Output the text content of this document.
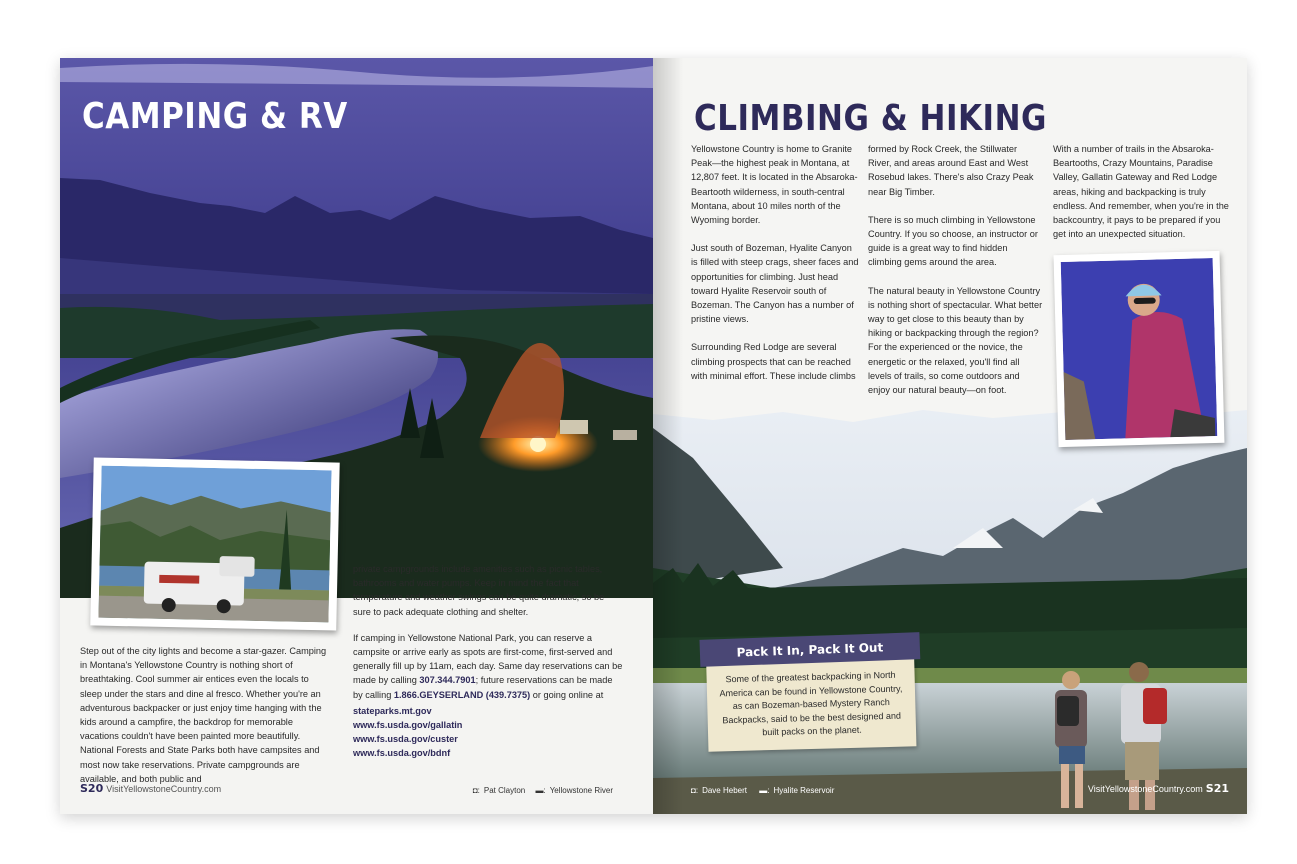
CAMPING & RV
Step out of the city lights and become a star-gazer. Camping in Montana's Yellowstone Country is nothing short of breathtaking. Cool summer air entices even the locals to sleep under the stars and dine al fresco. Whether you're an adventurous backpacker or just enjoy time hanging with the kids around a campfire, the backdrop for memorable vacations couldn't have been painted more beautifully. National Forests and State Parks both have campsites and most now take reservations. Private campgrounds are available, and both public and

private campgrounds include amenities such as picnic tables, bathrooms and water pumps. Keep in mind the fact that temperature and weather swings can be quite dramatic, so be sure to pack adequate clothing and shelter.

If camping in Yellowstone National Park, you can reserve a campsite or arrive early as spots are first-come, first-served and generally fill up by 11am, each day. Same day reservations can be made by calling 307.344.7901; future reservations can be made by calling 1.866.GEYSERLAND (439.7375) or going online at

stateparks.mt.gov
www.fs.usda.gov/gallatin
www.fs.usda.gov/custer
www.fs.usda.gov/bdnf
S20 VisitYellowstoneCountry.com	◘: Pat Clayton ▬: Yellowstone River
CLIMBING & HIKING

Yellowstone Country is home to Granite Peak—the highest peak in Montana, at 12,807 feet. It is located in the Absaroka-Beartooth wilderness, in south-central Montana, about 10 miles north of the Wyoming border.

Just south of Bozeman, Hyalite Canyon is filled with steep crags, sheer faces and opportunities for climbing. Just head toward Hyalite Reservoir south of Bozeman. The Canyon has a number of pristine views.

Surrounding Red Lodge are several climbing prospects that can be reached with minimal effort. These include climbs

formed by Rock Creek, the Stillwater River, and areas around East and West Rosebud lakes. There's also Crazy Peak near Big Timber.

There is so much climbing in Yellowstone Country. If you so choose, an instructor or guide is a great way to find hidden climbing gems around the area.

The natural beauty in Yellowstone Country is nothing short of spectacular. What better way to get close to this beauty than by hiking or backpacking through the region? For the experienced or the novice, the energetic or the relaxed, you'll find all levels of trails, so come outdoors and enjoy our natural beauty—on foot.

With a number of trails in the Absaroka-Beartooths, Crazy Mountains, Paradise Valley, Gallatin Gateway and Red Lodge areas, hiking and backpacking is truly endless. And remember, when you're in the backcountry, it pays to be prepared if you get into an unexpected situation.

Pack It In, Pack It Out
Some of the greatest backpacking in North America can be found in Yellowstone Country, as can Bozeman-based Mystery Ranch Backpacks, said to be the best designed and built packs on the planet.
◘: Dave Hebert ▬: Hyalite Reservoir	VisitYellowstoneCountry.com S21
